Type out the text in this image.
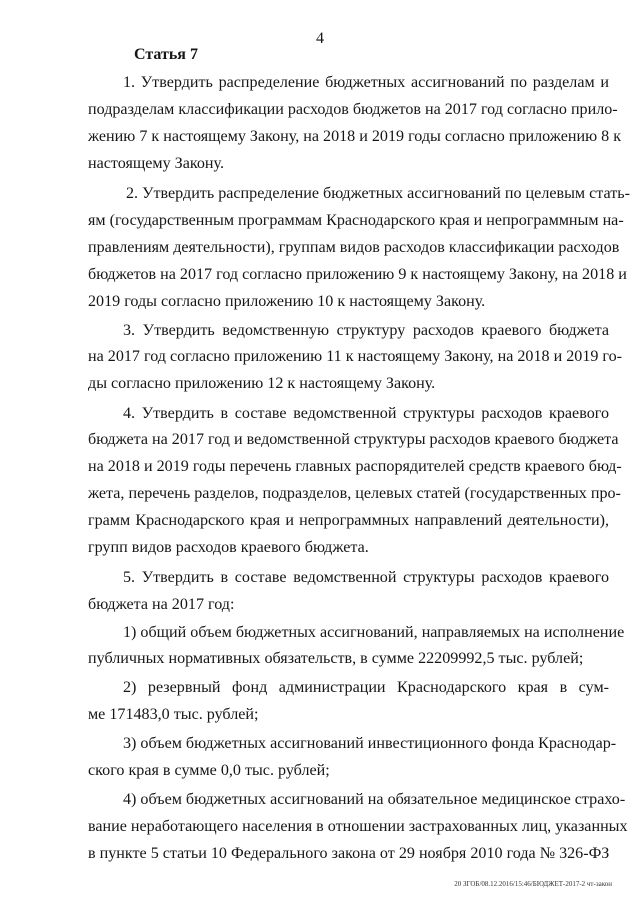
4
Статья 7
1. Утвердить распределение бюджетных ассигнований по разделам и
подразделам классификации расходов бюджетов на 2017 год согласно прило-
жению 7 к настоящему Закону, на 2018 и 2019 годы согласно приложению 8 к
настоящему Закону.
2. Утвердить распределение бюджетных ассигнований по целевым стать-
ям (государственным программам Краснодарского края и непрограммным на-
правлениям деятельности), группам видов расходов классификации расходов
бюджетов на 2017 год согласно приложению 9 к настоящему Закону, на 2018 и
2019 годы согласно приложению 10 к настоящему Закону.
3. Утвердить ведомственную структуру расходов краевого бюджета
на 2017 год согласно приложению 11 к настоящему Закону, на 2018 и 2019 го-
ды согласно приложению 12 к настоящему Закону.
4. Утвердить в составе ведомственной структуры расходов краевого
бюджета на 2017 год и ведомственной структуры расходов краевого бюджета
на 2018 и 2019 годы перечень главных распорядителей средств краевого бюд-
жета, перечень разделов, подразделов, целевых статей (государственных про-
грамм Краснодарского края и непрограммных направлений деятельности),
групп видов расходов краевого бюджета.
5. Утвердить в составе ведомственной структуры расходов краевого
бюджета на 2017 год:
1) общий объем бюджетных ассигнований, направляемых на исполнение
публичных нормативных обязательств, в сумме 22209992,5 тыс. рублей;
2) резервный фонд администрации Краснодарского края в сум-
ме 171483,0 тыс. рублей;
3) объем бюджетных ассигнований инвестиционного фонда Краснодар-
ского края в сумме 0,0 тыс. рублей;
4) объем бюджетных ассигнований на обязательное медицинское страхо-
вание неработающего населения в отношении застрахованных лиц, указанных
в пункте 5 статьи 10 Федерального закона от 29 ноября 2010 года № 326-ФЗ
20 ЗГОБ/08.12.2016/15:46/БЮДЖЕТ-2017-2 чт-закон
